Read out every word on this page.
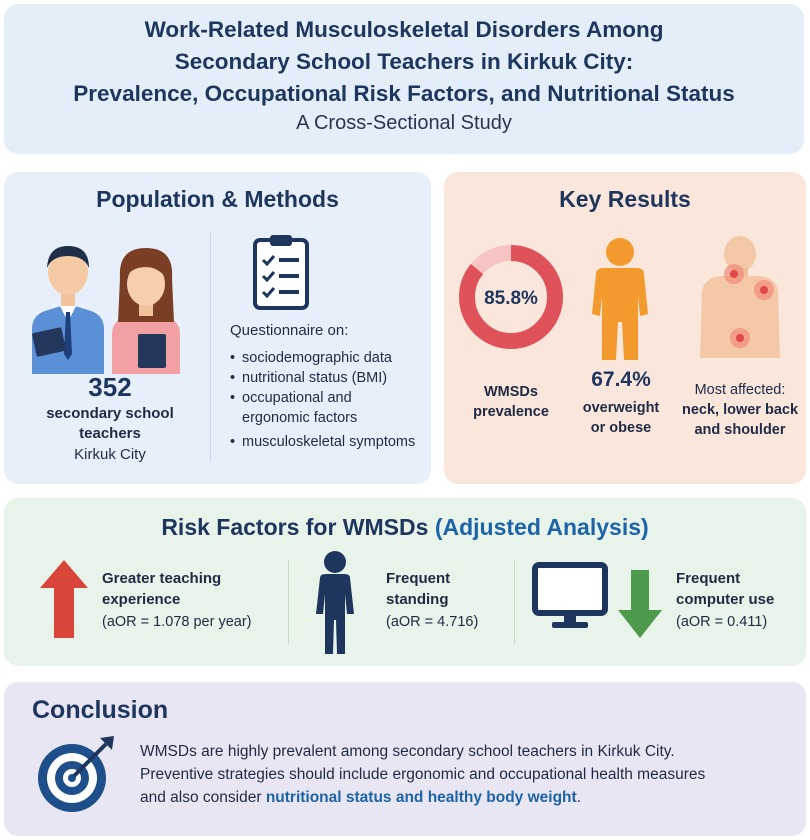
Work-Related Musculoskeletal Disorders Among
Secondary School Teachers in Kirkuk City:
Prevalence, Occupational Risk Factors, and Nutritional Status
A Cross-Sectional Study
Population & Methods
352
secondary school
teachers
Kirkuk City
Questionnaire on:
• sociodemographic data
• nutritional status (BMI)
• occupational and
ergonomic factors
• musculoskeletal symptoms
Key Results
85.8%
WMSDs
prevalence
67.4%
overweight
or obese
Most affected:
neck, lower back
and shoulder
Risk Factors for WMSDs (Adjusted Analysis)
Greater teaching
experience
(aOR = 1.078 per year)
Frequent
standing
(aOR = 4.716)
Frequent
computer use
(aOR = 0.411)
Conclusion
WMSDs are highly prevalent among secondary school teachers in Kirkuk City.
Preventive strategies should include ergonomic and occupational health measures
and also consider nutritional status and healthy body weight.
